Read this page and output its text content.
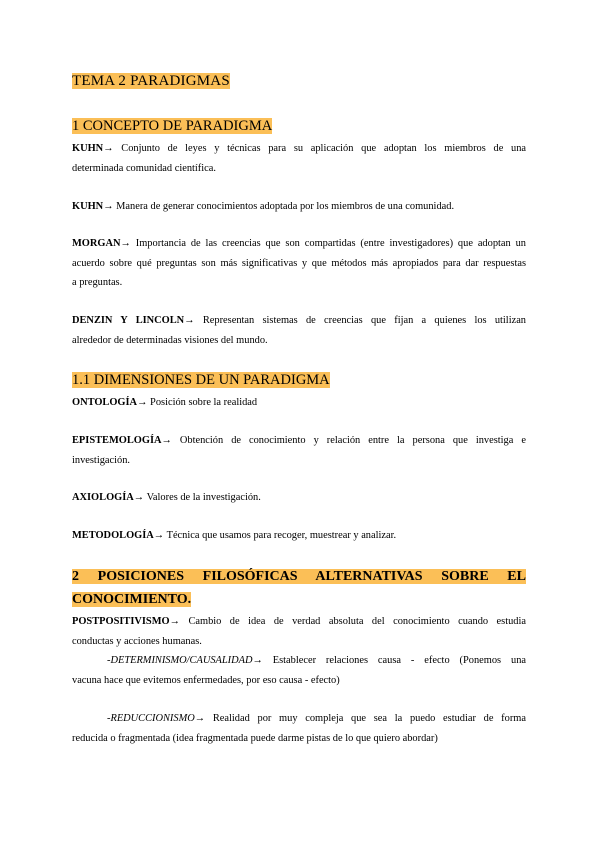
TEMA 2 PARADIGMAS
1 CONCEPTO DE PARADIGMA
KUHN→ Conjunto de leyes y técnicas para su aplicación que adoptan los miembros de una
determinada comunidad científica.
KUHN→ Manera de generar conocimientos adoptada por los miembros de una comunidad.
MORGAN→ Importancia de las creencias que son compartidas (entre investigadores) que adoptan un
acuerdo sobre qué preguntas son más significativas y que métodos más apropiados para dar respuestas
a preguntas.
DENZIN Y LINCOLN→ Representan sistemas de creencias que fijan a quienes los utilizan
alrededor de determinadas visiones del mundo.
1.1 DIMENSIONES DE UN PARADIGMA
ONTOLOGÍA→ Posición sobre la realidad
EPISTEMOLOGÍA→ Obtención de conocimiento y relación entre la persona que investiga e
investigación.
AXIOLOGÍA→ Valores de la investigación.
METODOLOGÍA→ Técnica que usamos para recoger, muestrear y analizar.
2 POSICIONES FILOSÓFICAS ALTERNATIVAS SOBRE EL
CONOCIMIENTO.
POSTPOSITIVISMO→ Cambio de idea de verdad absoluta del conocimiento cuando estudia
conductas y acciones humanas.
-DETERMINISMO/CAUSALIDAD→ Establecer relaciones causa - efecto (Ponemos una
vacuna hace que evitemos enfermedades, por eso causa - efecto)
-REDUCCIONISMO→ Realidad por muy compleja que sea la puedo estudiar de forma
reducida o fragmentada (idea fragmentada puede darme pistas de lo que quiero abordar)
